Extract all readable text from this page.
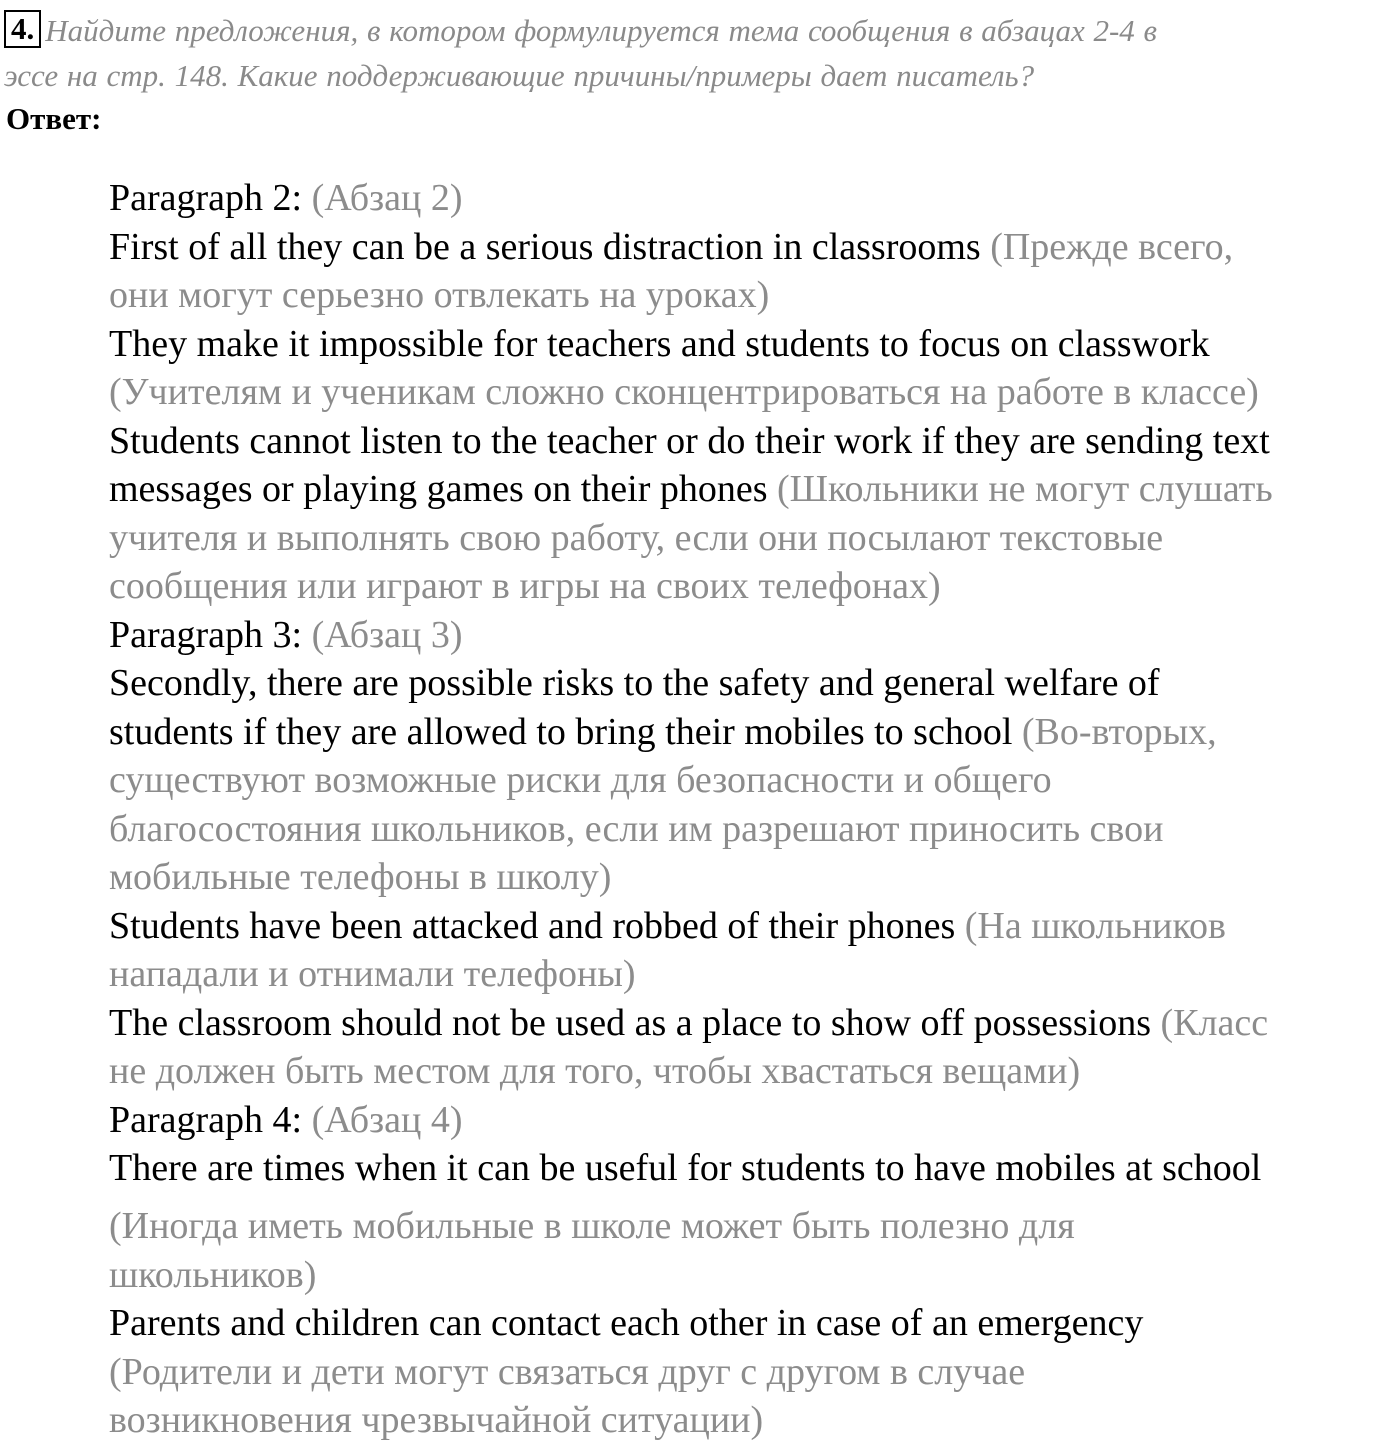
4. Найдите предложения, в котором формулируется тема сообщения в абзацах 2-4 в
эссе на стр. 148. Какие поддерживающие причины/примеры дает писатель?
Ответ:
Paragraph 2: (Абзац 2)
First of all they can be a serious distraction in classrooms (Прежде всего,
они могут серьезно отвлекать на уроках)
They make it impossible for teachers and students to focus on classwork
(Учителям и ученикам сложно сконцентрироваться на работе в классе)
Students cannot listen to the teacher or do their work if they are sending text
messages or playing games on their phones (Школьники не могут слушать
учителя и выполнять свою работу, если они посылают текстовые
сообщения или играют в игры на своих телефонах)
Paragraph 3: (Абзац 3)
Secondly, there are possible risks to the safety and general welfare of
students if they are allowed to bring their mobiles to school (Во-вторых,
существуют возможные риски для безопасности и общего
благосостояния школьников, если им разрешают приносить свои
мобильные телефоны в школу)
Students have been attacked and robbed of their phones (На школьников
нападали и отнимали телефоны)
The classroom should not be used as a place to show off possessions (Класс
не должен быть местом для того, чтобы хвастаться вещами)
Paragraph 4: (Абзац 4)
There are times when it can be useful for students to have mobiles at school
(Иногда иметь мобильные в школе может быть полезно для
школьников)
Parents and children can contact each other in case of an emergency
(Родители и дети могут связаться друг с другом в случае
возникновения чрезвычайной ситуации)
